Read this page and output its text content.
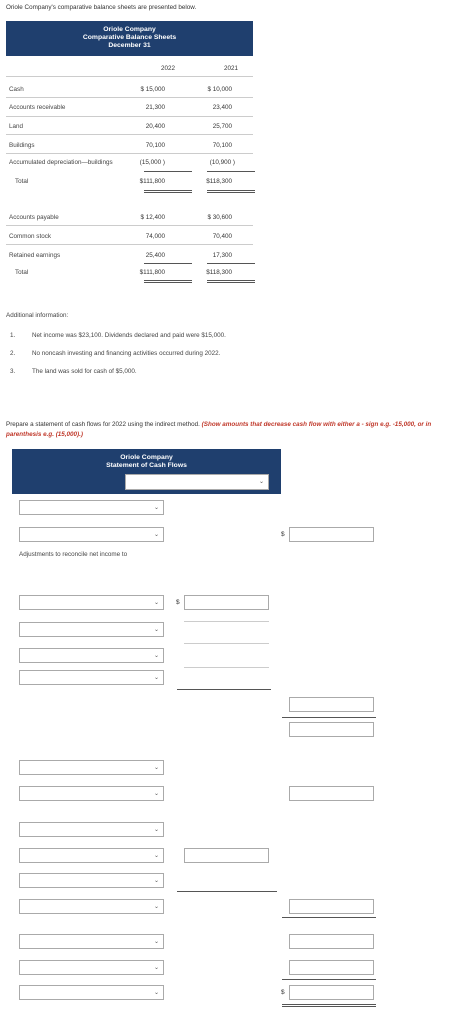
Oriole Company's comparative balance sheets are presented below.
Oriole Company
Comparative Balance Sheets
December 31
2022	2021
Cash	$ 15,000	$ 10,000
Accounts receivable	21,300	23,400
Land	20,400	25,700
Buildings	70,100	70,100
Accumulated depreciation—buildings	(15,000 )	(10,900 )
Total	$111,800	$118,300
Accounts payable	$ 12,400	$ 30,600
Common stock	74,000	70,400
Retained earnings	25,400	17,300
Total	$111,800	$118,300
Additional information:
1.	Net income was $23,100. Dividends declared and paid were $15,000.
2.	No noncash investing and financing activities occurred during 2022.
3.	The land was sold for cash of $5,000.
Prepare a statement of cash flows for 2022 using the indirect method. (Show amounts that decrease cash flow with either a - sign e.g. -15,000, or in parenthesis e.g. (15,000).)
Oriole Company
Statement of Cash Flows
⌄
⌄
⌄	$
Adjustments to reconcile net income to
⌄	$
⌄
⌄
⌄
⌄
⌄
⌄
⌄
⌄
⌄
⌄
⌄
⌄	$
